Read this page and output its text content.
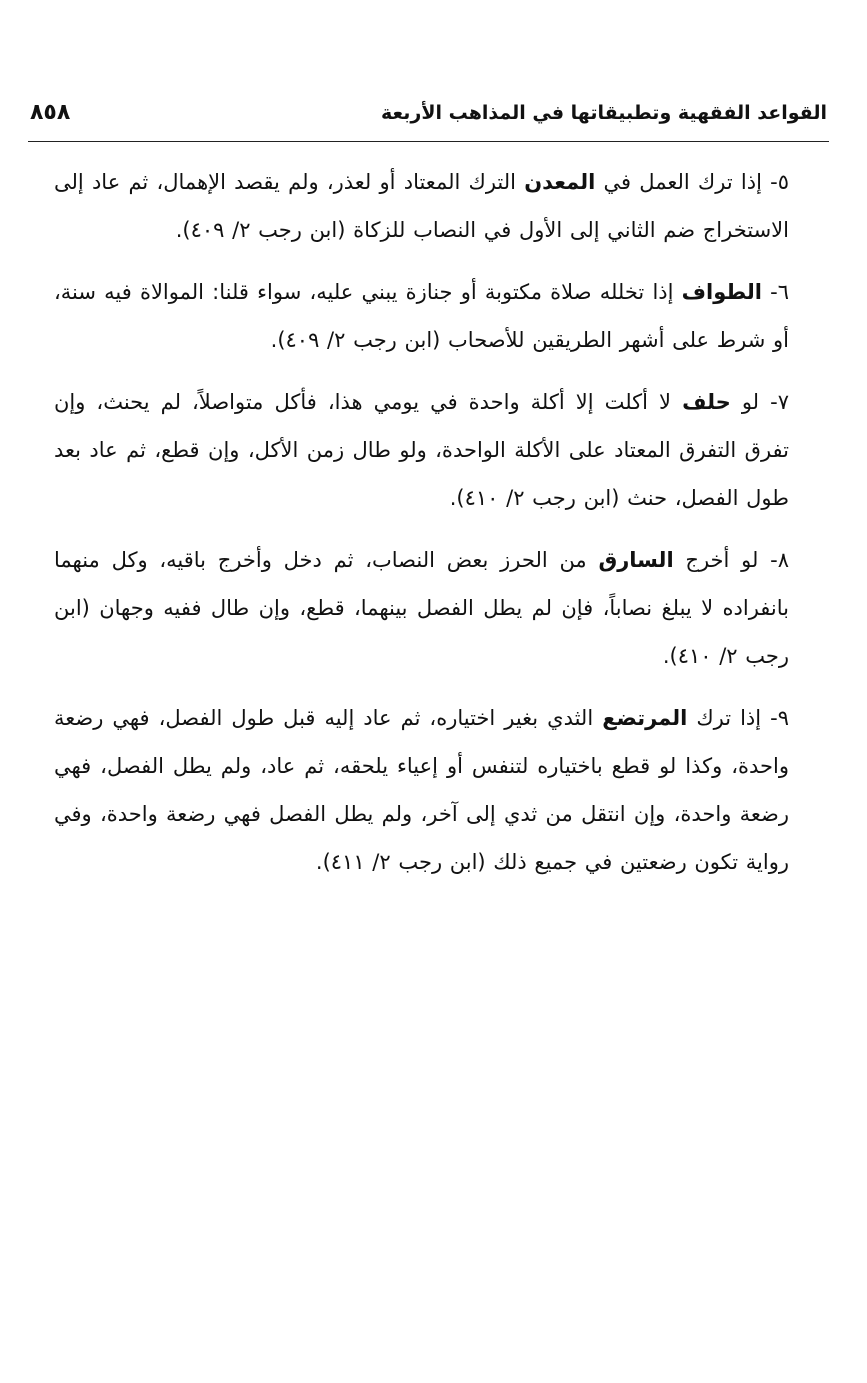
القواعد الفقهية وتطبيقاتها في المذاهب الأربعة
٨٥٨

٥- إذا ترك العمل في المعدن الترك المعتاد أو لعذر، ولم يقصد الإهمال، ثم عاد إلى الاستخراج ضم الثاني إلى الأول في النصاب للزكاة (ابن رجب ٢/ ٤٠٩).

٦- الطواف إذا تخلله صلاة مكتوبة أو جنازة يبني عليه، سواء قلنا: الموالاة فيه سنة، أو شرط على أشهر الطريقين للأصحاب (ابن رجب ٢/ ٤٠٩).

٧- لو حلف لا أكلت إلا أكلة واحدة في يومي هذا، فأكل متواصلاً، لم يحنث، وإن تفرق التفرق المعتاد على الأكلة الواحدة، ولو طال زمن الأكل، وإن قطع، ثم عاد بعد طول الفصل، حنث (ابن رجب ٢/ ٤١٠).

٨- لو أخرج السارق من الحرز بعض النصاب، ثم دخل وأخرج باقيه، وكل منهما بانفراده لا يبلغ نصاباً، فإن لم يطل الفصل بينهما، قطع، وإن طال ففيه وجهان (ابن رجب ٢/ ٤١٠).

٩- إذا ترك المرتضع الثدي بغير اختياره، ثم عاد إليه قبل طول الفصل، فهي رضعة واحدة، وكذا لو قطع باختياره لتنفس أو إعياء يلحقه، ثم عاد، ولم يطل الفصل، فهي رضعة واحدة، وإن انتقل من ثدي إلى آخر، ولم يطل الفصل فهي رضعة واحدة، وفي رواية تكون رضعتين في جميع ذلك (ابن رجب ٢/ ٤١١).
